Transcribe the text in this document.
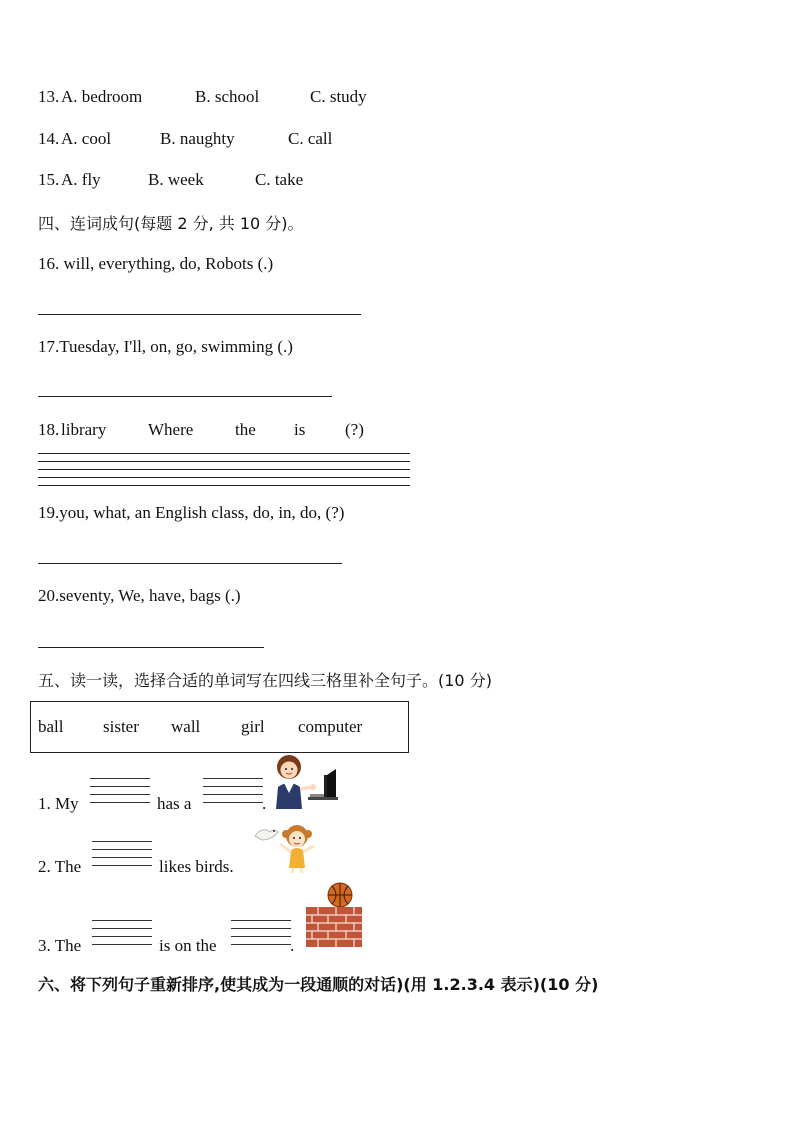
13. A. bedroom	B. school	C. study
14. A. cool	B. naughty	C. call
15. A. fly	B. week	C. take
四、连词成句(每题 2 分, 共 10 分)。
16. will, everything, do, Robots (.)
17.Tuesday, I'll, on, go, swimming (.)
18. library Where the is (?)
19.you, what, an English class, do, in, do, (?)
20.seventy, We, have, bags (.)
五、读一读，选择合适的单词写在四线三格里补全句子。(10 分)
ball sister wall girl computer
1. My	has a	.
2. The	likes birds.
3. The	is on the	.
六、将下列句子重新排序,使其成为一段通顺的对话)(用 1.2.3.4 表示)(10 分)
